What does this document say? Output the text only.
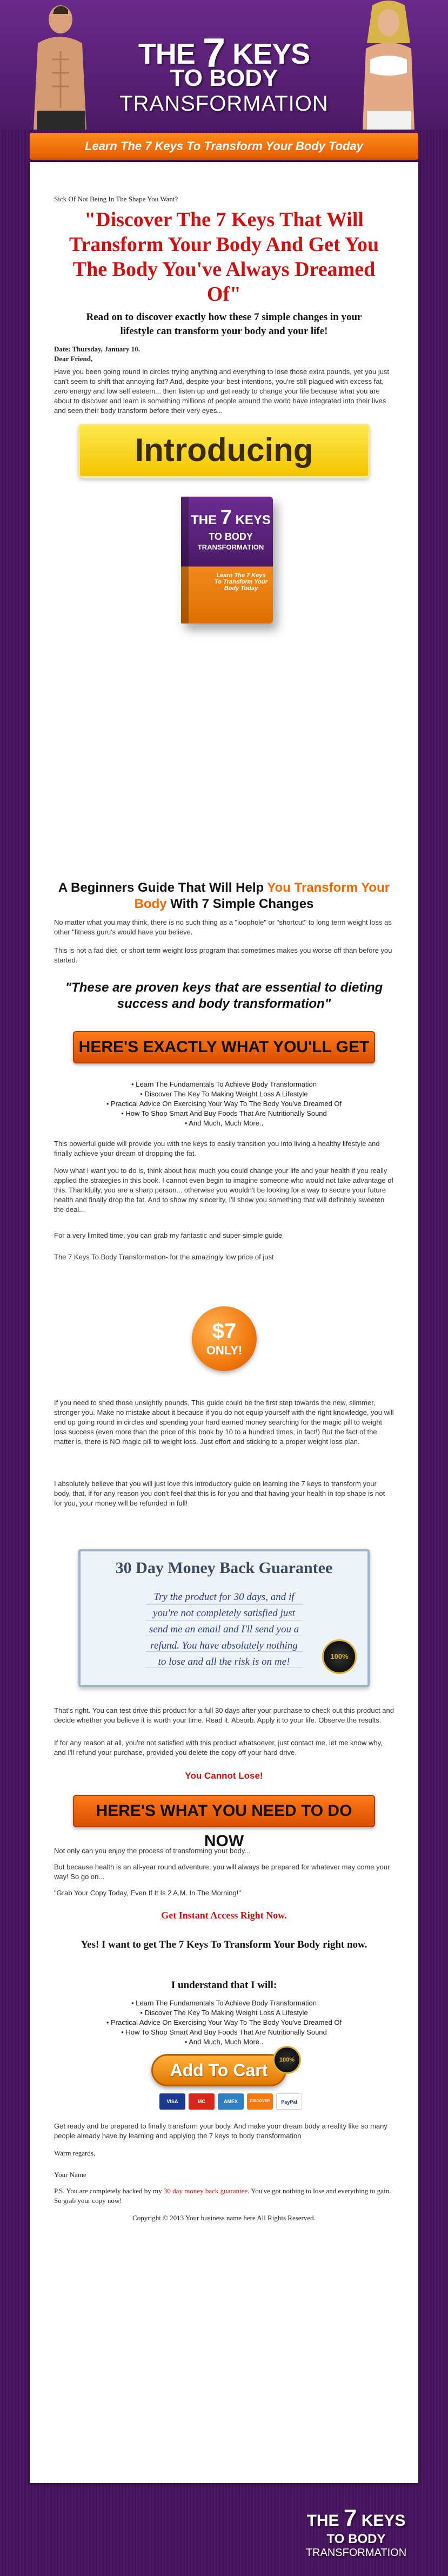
THE 7 KEYS
TO BODY
TRANSFORMATION
Learn The 7 Keys To Transform Your Body Today
Sick Of Not Being In The Shape You Want?
"Discover The 7 Keys That Will Transform Your Body And Get You The Body You've Always Dreamed Of"
Read on to discover exactly how these 7 simple changes in your lifestyle can transform your body and your life!
Date: Thursday, January 10.
Dear Friend,
Have you been going round in circles trying anything and everything to lose those extra pounds, yet you just can't seem to shift that annoying fat? And, despite your best intentions, you're still plagued with excess fat, zero energy and low self esteem... then listen up and get ready to change your life because what you are about to discover and learn is something millions of people around the world have integrated into their lives and seen their body transform before their very eyes...
Introducing
THE 7 KEYS
TO BODY
TRANSFORMATION
Learn The 7 Keys To Transform Your Body Today
A Beginners Guide That Will Help You Transform Your Body With 7 Simple Changes
No matter what you may think, there is no such thing as a "loophole" or "shortcut" to long term weight loss as other "fitness guru's would have you believe.
This is not a fad diet, or short term weight loss program that sometimes makes you worse off than before you started.
"These are proven keys that are essential to dieting success and body transformation"
HERE'S EXACTLY WHAT YOU'LL GET
• Learn The Fundamentals To Achieve Body Transformation
• Discover The Key To Making Weight Loss A Lifestyle
• Practical Advice On Exercising Your Way To The Body You've Dreamed Of
• How To Shop Smart And Buy Foods That Are Nutritionally Sound
• And Much, Much More..
This powerful guide will provide you with the keys to easily transition you into living a healthy lifestyle and finally achieve your dream of dropping the fat.
Now what I want you to do is, think about how much you could change your life and your health if you really applied the strategies in this book. I cannot even begin to imagine someone who would not take advantage of this. Thankfully, you are a sharp person... otherwise you wouldn't be looking for a way to secure your future health and finally drop the fat. And to show my sincerity, I'll show you something that will definitely sweeten the deal...
For a very limited time, you can grab my fantastic and super-simple guide
The 7 Keys To Body Transformation- for the amazingly low price of just
$7
ONLY!
If you need to shed those unsightly pounds, This guide could be the first step towards the new, slimmer, stronger you. Make no mistake about it because if you do not equip yourself with the right knowledge, you will end up going round in circles and spending your hard earned money searching for the magic pill to weight loss success (even more than the price of this book by 10 to a hundred times, in fact!) But the fact of the matter is, there is NO magic pill to weight loss. Just effort and sticking to a proper weight loss plan.
I absolutely believe that you will just love this introductory guide on learning the 7 keys to transform your body, that, if for any reason you don't feel that this is for you and that having your health in top shape is not for you, your money will be refunded in full!
30 Day Money Back Guarantee
Try the product for 30 days, and if you're not completely satisfied just send me an email and I'll send you a refund. You have absolutely nothing to lose and all the risk is on me!	100%
That's right. You can test drive this product for a full 30 days after your purchase to check out this product and decide whether you believe it is worth your time. Read it. Absorb. Apply it to your life. Observe the results.
If for any reason at all, you're not satisfied with this product whatsoever, just contact me, let me know why, and I'll refund your purchase, provided you delete the copy off your hard drive.
You Cannot Lose!
HERE'S WHAT YOU NEED TO DO NOW
Not only can you enjoy the process of transforming your body...
But because health is an all-year round adventure, you will always be prepared for whatever may come your way! So go on...
"Grab Your Copy Today, Even If It Is 2 A.M. In The Morning!"
Get Instant Access Right Now.
Yes! I want to get The 7 Keys To Transform Your Body right now.
I understand that I will:
• Learn The Fundamentals To Achieve Body Transformation
• Discover The Key To Making Weight Loss A Lifestyle
• Practical Advice On Exercising Your Way To The Body You've Dreamed Of
• How To Shop Smart And Buy Foods That Are Nutritionally Sound
• And Much, Much More..
Add To Cart
100%
VISA	MC	AMEX	DISCOVER	PayPal
Get ready and be prepared to finally transform your body. And make your dream body a reality like so many people already have by learning and applying the 7 keys to body transformation
Warm regards,
Your Name
P.S. You are completely backed by my 30 day money back guarantee. You've got nothing to lose and everything to gain. So grab your copy now!
Copyright © 2013 Your business name here All Rights Reserved.
THE 7 KEYS
TO BODY
TRANSFORMATION
